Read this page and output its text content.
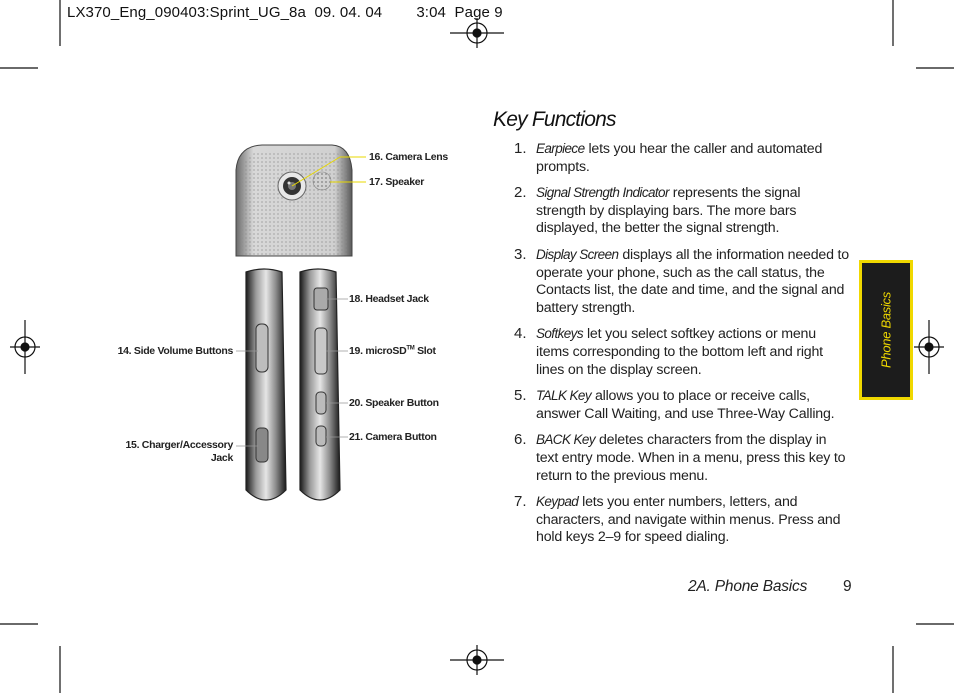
LX370_Eng_090403:Sprint_UG_8a 09. 04. 04 3:04 Page 9
16. Camera Lens
17. Speaker
18. Headset Jack
19. microSD™ Slot
20. Speaker Button
21. Camera Button
14. Side Volume Buttons
15. Charger/Accessory
Jack
Key Functions
1. Earpiece lets you hear the caller and automated prompts.
2. Signal Strength Indicator represents the signal strength by displaying bars. The more bars displayed, the better the signal strength.
3. Display Screen displays all the information needed to operate your phone, such as the call status, the Contacts list, the date and time, and the signal and battery strength.
4. Softkeys let you select softkey actions or menu items corresponding to the bottom left and right lines on the display screen.
5. TALK Key allows you to place or receive calls, answer Call Waiting, and use Three-Way Calling.
6. BACK Key deletes characters from the display in text entry mode. When in a menu, press this key to return to the previous menu.
7. Keypad lets you enter numbers, letters, and characters, and navigate within menus. Press and hold keys 2–9 for speed dialing.
Phone Basics
2A. Phone Basics 9
